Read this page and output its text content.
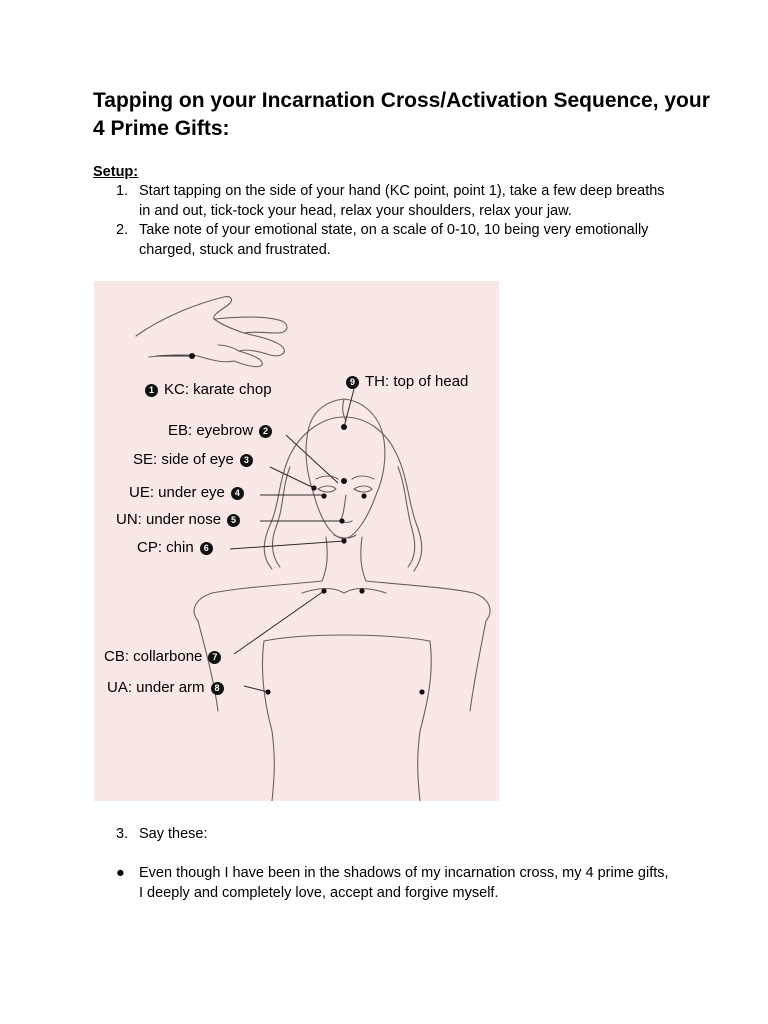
Tapping on your Incarnation Cross/Activation Sequence, your 4 Prime Gifts:
Setup:
1. Start tapping on the side of your hand (KC point, point 1), take a few deep breaths in and out, tick-tock your head, relax your shoulders, relax your jaw.
2. Take note of your emotional state, on a scale of 0-10, 10 being very emotionally charged, stuck and frustrated.
1 KC: karate chop	9 TH: top of head
EB: eyebrow	2
SE: side of eye	3
UE: under eye	4
UN: under nose	5
CP: chin	6
CB: collarbone	7
UA: under arm	8
3. Say these:
● Even though I have been in the shadows of my incarnation cross, my 4 prime gifts, I deeply and completely love, accept and forgive myself.
